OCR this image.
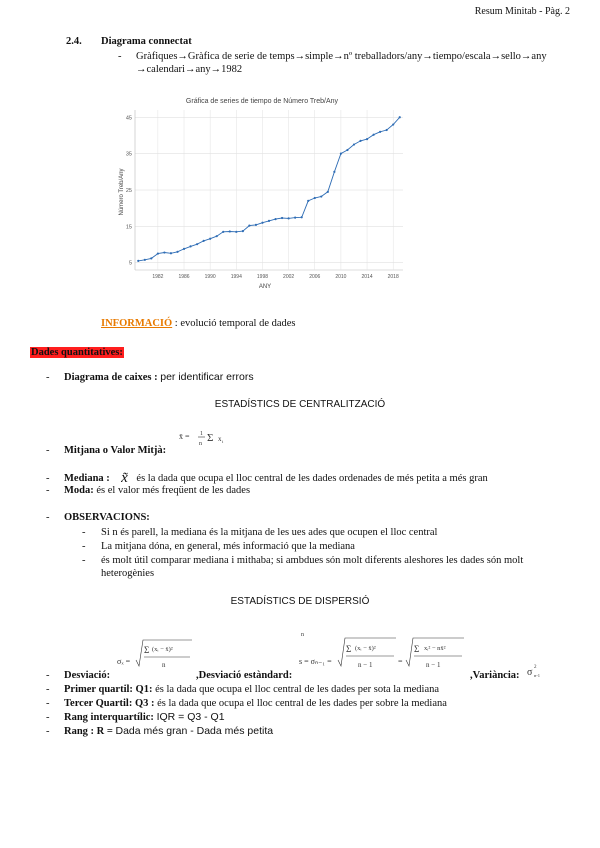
Resum Minitab - Pàg. 2
2.4. Diagrama connectat
- Gràfiques→Gràfica de serie de temps→simple→nº treballadors/any→tiempo/escala→sello→any
→calendari→any→1982
Gráfica de series de tiempo de Número Treb/Any
ANY
Número Treb/Any
5
15
25
35
45
1982	1986	1990	1994	1998	2002	2006	2010	2014	2018
INFORMACIÓ : evolució temporal de dades
Dades quantitatives:
- Diagrama de caixes : per identificar errors
ESTADÍSTICS DE CENTRALITZACIÓ
x̄ = 1
n Σ x i
- Mitjana o Valor Mitjà:
- Mediana : x̃ és la dada que ocupa el lloc central de les dades ordenades de més petita a més gran
- Moda: és el valor més freqüent de les dades
- OBSERVACIONS:
- Si n és parell, la mediana és la mitjana de les ues ades que ocupen el lloc central
- La mitjana dóna, en general, més informació que la mediana
- és molt útil comparar mediana i mithaba; si ambdues són molt diferents aleshores les dades són molt
heterogènies
ESTADÍSTICS DE DISPERSIÓ
σₓ =
Σ (xᵢ − x̄)²
n
n
s = σₙ₋₁ =
Σ (xᵢ − x̄)²
n − 1	=
Σ xᵢ² − nx̄²
n − 1
σ 2
n-1
- Desviació:	,Desviació estàndard:	,Variància:
- Primer quartil: Q1: és la dada que ocupa el lloc central de les dades per sota la mediana
- Tercer Quartil: Q3 : és la dada que ocupa el lloc central de les dades per sobre la mediana
- Rang interquartílic: IQR = Q3 - Q1
- Rang : R = Dada més gran - Dada més petita
